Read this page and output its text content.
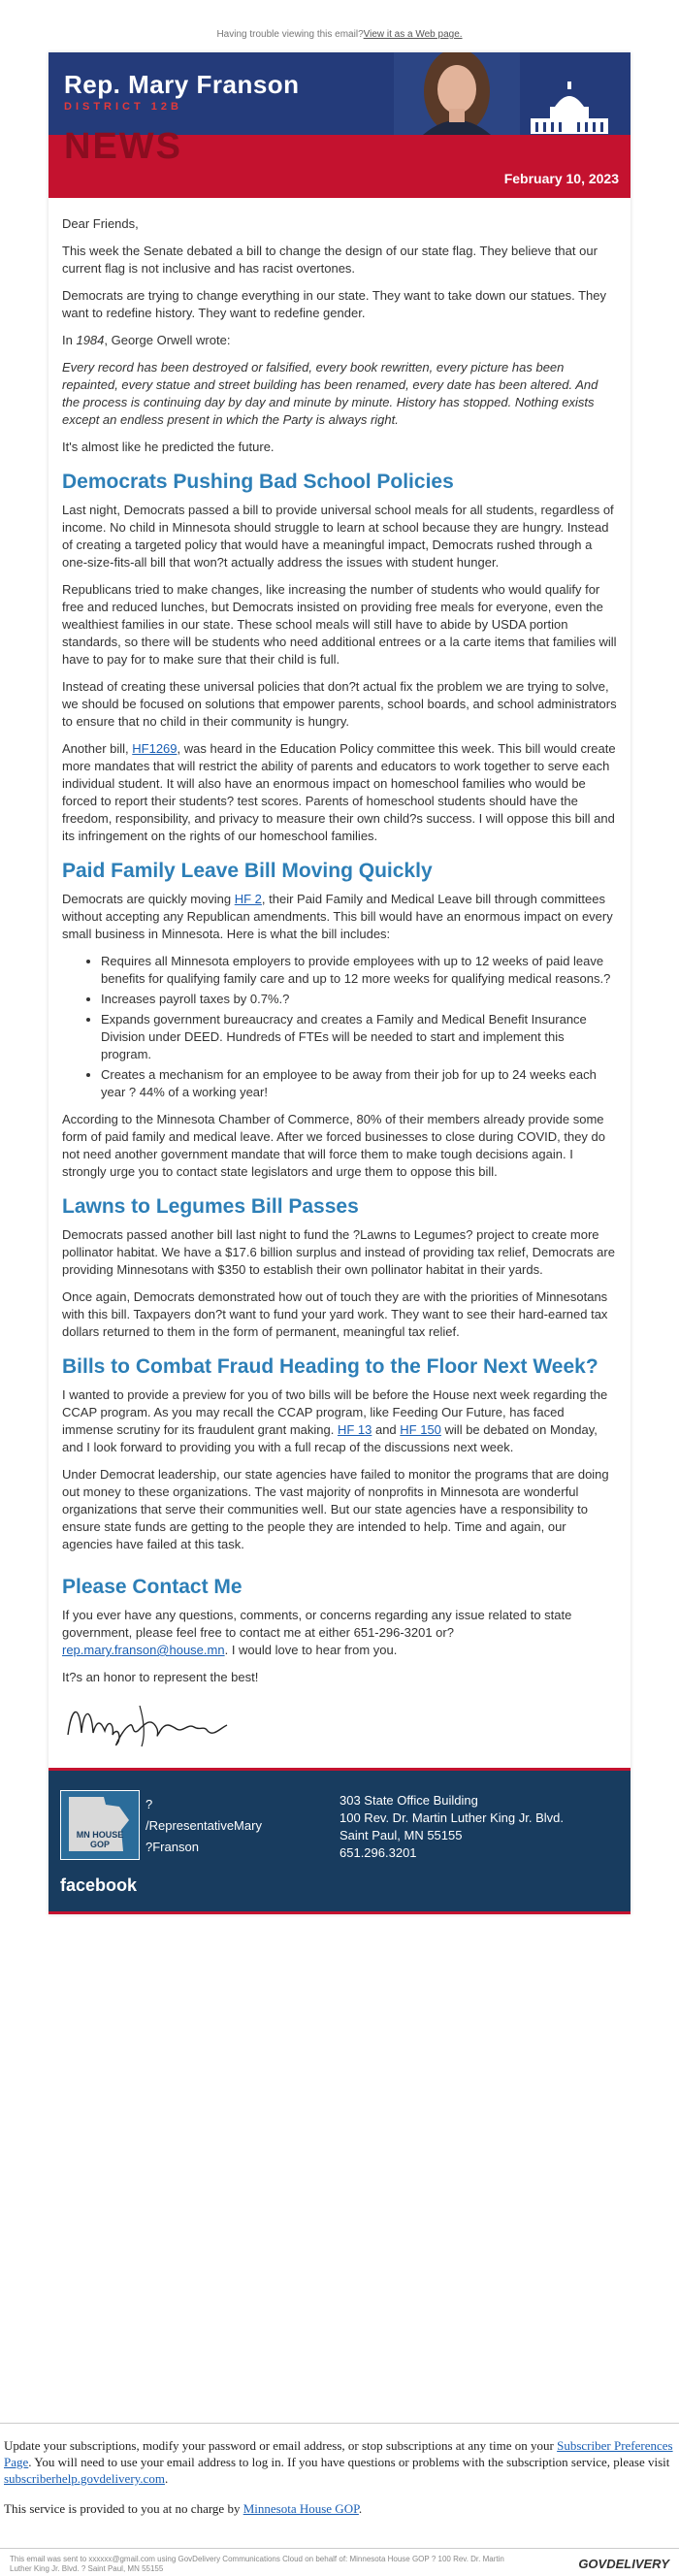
Having trouble viewing this email?View it as a Web page.
Rep. Mary Franson
DISTRICT 12B
NEWS
February 10, 2023

Dear Friends,

This week the Senate debated a bill to change the design of our state flag. They believe that our current flag is not inclusive and has racist overtones.

Democrats are trying to change everything in our state. They want to take down our statues. They want to redefine history. They want to redefine gender.

In 1984, George Orwell wrote:

Every record has been destroyed or falsified, every book rewritten, every picture has been repainted, every statue and street building has been renamed, every date has been altered. And the process is continuing day by day and minute by minute. History has stopped. Nothing exists except an endless present in which the Party is always right.

It's almost like he predicted the future.

Democrats Pushing Bad School Policies

Last night, Democrats passed a bill to provide universal school meals for all students, regardless of income. No child in Minnesota should struggle to learn at school because they are hungry. Instead of creating a targeted policy that would have a meaningful impact, Democrats rushed through a one-size-fits-all bill that won?t actually address the issues with student hunger.

Republicans tried to make changes, like increasing the number of students who would qualify for free and reduced lunches, but Democrats insisted on providing free meals for everyone, even the wealthiest families in our state. These school meals will still have to abide by USDA portion standards, so there will be students who need additional entrees or a la carte items that families will have to pay for to make sure that their child is full.

Instead of creating these universal policies that don?t actual fix the problem we are trying to solve, we should be focused on solutions that empower parents, school boards, and school administrators to ensure that no child in their community is hungry.

Another bill, HF1269, was heard in the Education Policy committee this week. This bill would create more mandates that will restrict the ability of parents and educators to work together to serve each individual student. It will also have an enormous impact on homeschool families who would be forced to report their students? test scores. Parents of homeschool students should have the freedom, responsibility, and privacy to measure their own child?s success. I will oppose this bill and its infringement on the rights of our homeschool families.

Paid Family Leave Bill Moving Quickly

Democrats are quickly moving HF 2, their Paid Family and Medical Leave bill through committees without accepting any Republican amendments. This bill would have an enormous impact on every small business in Minnesota. Here is what the bill includes:

• Requires all Minnesota employers to provide employees with up to 12 weeks of paid leave benefits for qualifying family care and up to 12 more weeks for qualifying medical reasons.?
• Increases payroll taxes by 0.7%.?
• Expands government bureaucracy and creates a Family and Medical Benefit Insurance Division under DEED. Hundreds of FTEs will be needed to start and implement this program.
• Creates a mechanism for an employee to be away from their job for up to 24 weeks each year ? 44% of a working year!

According to the Minnesota Chamber of Commerce, 80% of their members already provide some form of paid family and medical leave. After we forced businesses to close during COVID, they do not need another government mandate that will force them to make tough decisions again. I strongly urge you to contact state legislators and urge them to oppose this bill.

Lawns to Legumes Bill Passes

Democrats passed another bill last night to fund the ?Lawns to Legumes? project to create more pollinator habitat. We have a $17.6 billion surplus and instead of providing tax relief, Democrats are providing Minnesotans with $350 to establish their own pollinator habitat in their yards.

Once again, Democrats demonstrated how out of touch they are with the priorities of Minnesotans with this bill. Taxpayers don?t want to fund your yard work. They want to see their hard-earned tax dollars returned to them in the form of permanent, meaningful tax relief.

Bills to Combat Fraud Heading to the Floor Next Week?

I wanted to provide a preview for you of two bills will be before the House next week regarding the CCAP program. As you may recall the CCAP program, like Feeding Our Future, has faced immense scrutiny for its fraudulent grant making. HF 13 and HF 150 will be debated on Monday, and I look forward to providing you with a full recap of the discussions next week.

Under Democrat leadership, our state agencies have failed to monitor the programs that are doing out money to these organizations. The vast majority of nonprofits in Minnesota are wonderful organizations that serve their communities well. But our state agencies have a responsibility to ensure state funds are getting to the people they are intended to help. Time and again, our agencies have failed at this task.

Please Contact Me

If you ever have any questions, comments, or concerns regarding any issue related to state government, please feel free to contact me at either 651-296-3201 or?rep.mary.franson@house.mn. I would love to hear from you.

It?s an honor to represent the best!

MN HOUSE
GOP
facebook
?
/RepresentativeMary
?Franson
303 State Office Building
100 Rev. Dr. Martin Luther King Jr. Blvd.
Saint Paul, MN 55155
651.296.3201

Update your subscriptions, modify your password or email address, or stop subscriptions at any time on your Subscriber Preferences Page. You will need to use your email address to log in. If you have questions or problems with the subscription service, please visit subscriberhelp.govdelivery.com.

This service is provided to you at no charge by Minnesota House GOP.

This email was sent to xxxxxx@gmail.com using GovDelivery Communications Cloud on behalf of: Minnesota House GOP ? 100 Rev. Dr. Martin Luther King Jr. Blvd. ? Saint Paul, MN 55155	GOVDELIVERY
